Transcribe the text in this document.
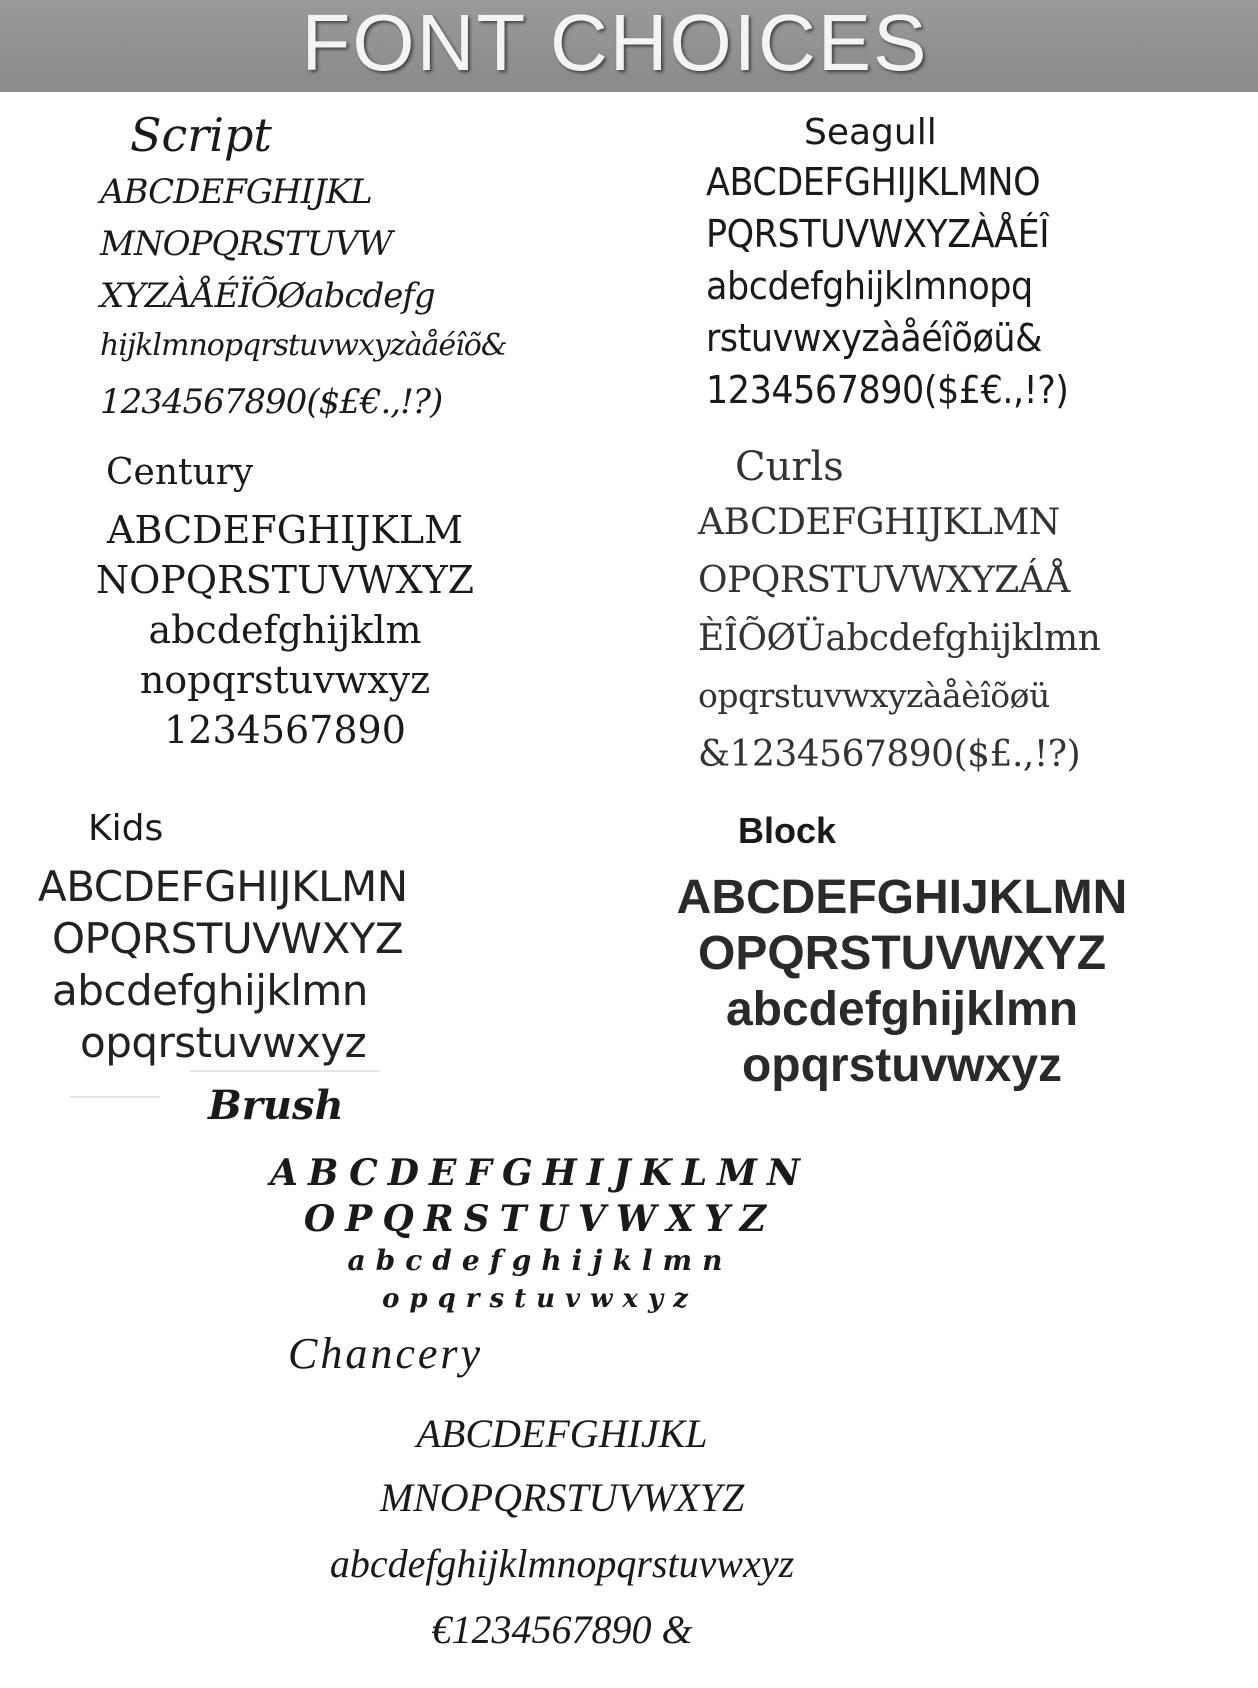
FONT CHOICES
Script
ABCDEFGHIJKL
MNOPQRSTUVW
XYZÀÅÉÏÕØabcdefg
hijklmnopqrstuvwxyzàåéîõ&
1234567890($£€.,!?)
Seagull
ABCDEFGHIJKLMNO
PQRSTUVWXYZÀÅÉÎ
abcdefghijklmnopq
rstuvwxyzàåéîõøü&
1234567890($£€.,!?)
Century
ABCDEFGHIJKLM
NOPQRSTUVWXYZ
abcdefghijklm
nopqrstuvwxyz
1234567890
Curls
ABCDEFGHIJKLMN
OPQRSTUVWXYZÁÅ
ÈÎÕØÜabcdefghijklmn
opqrstuvwxyzàåèîõøü
&1234567890($£.,!?)
Kids
ABCDEFGHIJKLMN
OPQRSTUVWXYZ
abcdefghijklmn
opqrstuvwxyz
Block
ABCDEFGHIJKLMN
OPQRSTUVWXYZ
abcdefghijklmn
opqrstuvwxyz
Brush
ABCDEFGHIJKLMN
OPQRSTUVWXYZ
abcdefghijklmn
opqrstuvwxyz
Chancery
ABCDEFGHIJKL
MNOPQRSTUVWXYZ
abcdefghijklmnopqrstuvwxyz
€1234567890 &
